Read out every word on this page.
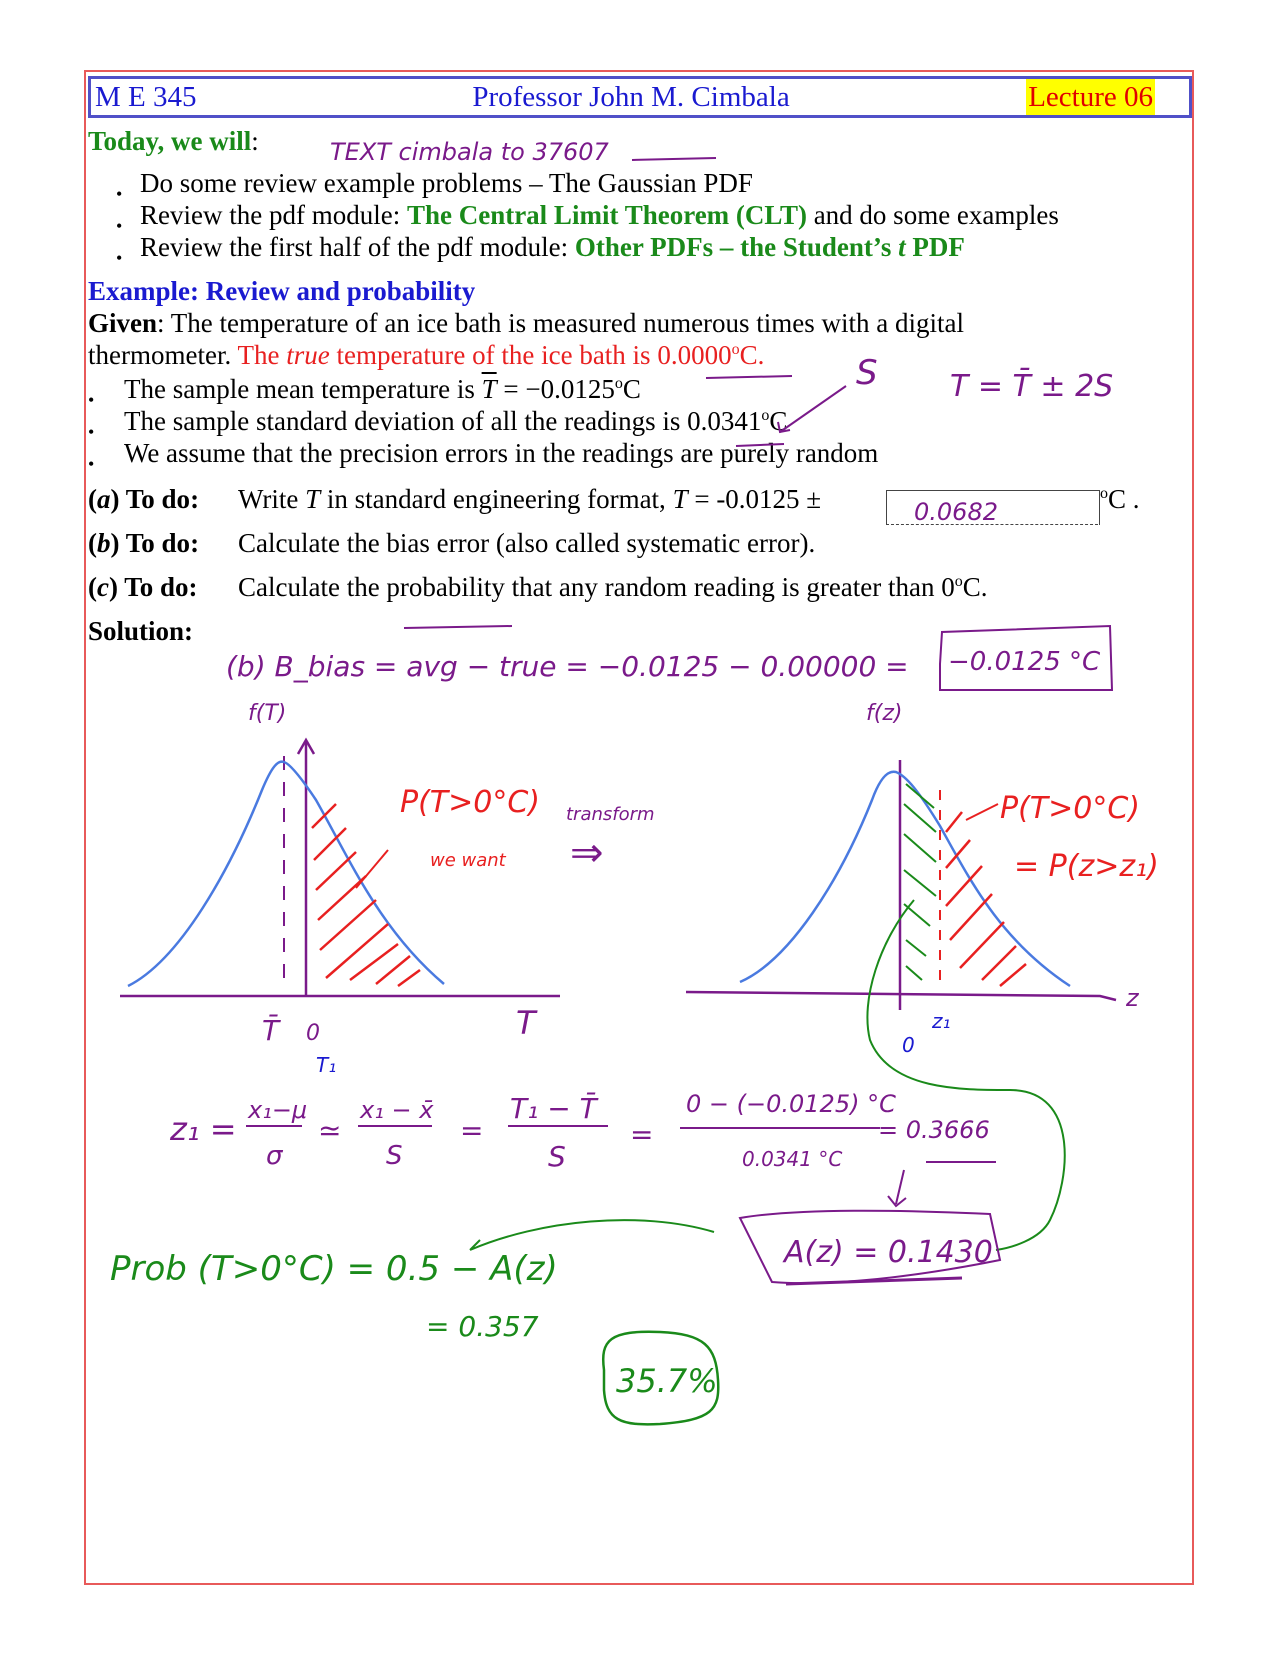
M E 345	Professor John M. Cimbala	Lecture 06
Today, we will:
• Do some review example problems – The Gaussian PDF
• Review the pdf module: The Central Limit Theorem (CLT) and do some examples
• Review the first half of the pdf module: Other PDFs – the Student’s t PDF
Example: Review and probability
Given: The temperature of an ice bath is measured numerous times with a digital
thermometer. The true temperature of the ice bath is 0.0000$^o$C.
• The sample mean temperature is $\overline{T} = -0.0125^oC$
• The sample standard deviation of all the readings is 0.0341$^o$C
• We assume that the precision errors in the readings are purely random
(a) To do: Write T in standard engineering format, T = -0.0125 ±	$^o$C .
(b) To do: Calculate the bias error (also called systematic error).
(c) To do: Calculate the probability that any random reading is greater than 0$^o$C.
Solution:
TEXT cimbala to 37607
S T = T̄ ± 2S
0.0682
(b) B_bias = avg − true = −0.0125 − 0.00000 = −0.0125 °C
f(T)
P(T>0°C)
we want
T̄ 0
T₁
T
transform
⇒
f(z)
P(T>0°C)
= P(z>z₁)
z
0
z₁
z₁ = x₁−μ
σ
≃
x₁ − x̄
S
=
T₁ − T̄
S
=
0 − (−0.0125) °C
0.0341 °C
= 0.3666
A(z) = 0.1430
Prob (T>0°C) = 0.5 − A(z)
= 0.357
35.7%
